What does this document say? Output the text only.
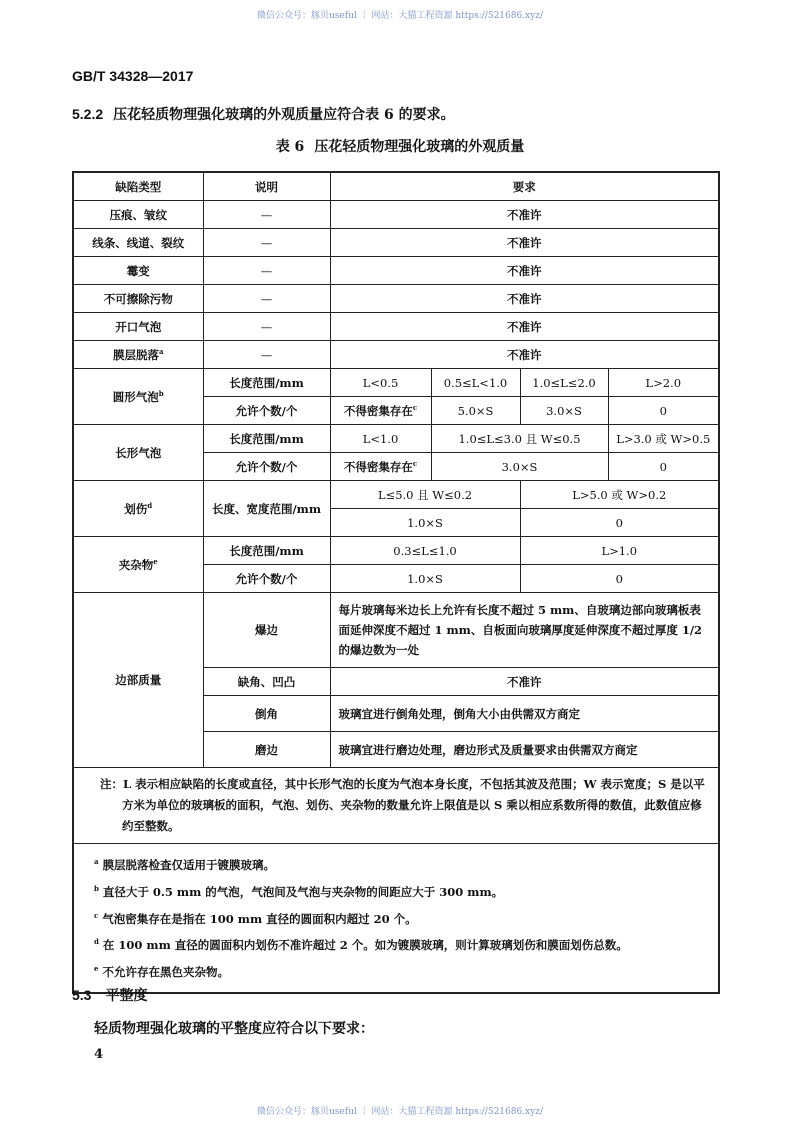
微信公众号：豚贝useful ｜ 网站：大猫工程资源 https://521686.xyz/
GB/T 34328—2017
5.2.2 压花轻质物理强化玻璃的外观质量应符合表 6 的要求。
表 6 压花轻质物理强化玻璃的外观质量
缺陷类型	说明	要求			
压痕、皱纹	—	不准许			
线条、线道、裂纹	—	不准许			
霉变	—	不准许			
不可擦除污物	—	不准许			
开口气泡	—	不准许			
膜层脱落$^a$	—	不准许			
圆形气泡$^b$	长度范围/mm	L<0.5	0.5≤L<1.0	1.0≤L≤2.0	L>2.0
	允许个数/个	不得密集存在$^c$	5.0×S	3.0×S	0
长形气泡	长度范围/mm	L<1.0	1.0≤L≤3.0 且 W≤0.5		L>3.0 或 W>0.5
	允许个数/个	不得密集存在$^c$	3.0×S		0
划伤$^d$	长度、宽度范围/mm	L≤5.0 且 W≤0.2		L>5.0 或 W>0.2	
		1.0×S		0	
夹杂物$^e$	长度范围/mm	0.3≤L≤1.0		L>1.0	
	允许个数/个	1.0×S		0	
边部质量	爆边	每片玻璃每米边长上允许有长度不超过 5 mm、自玻璃边部向玻璃板表面延伸深度不超过 1 mm、自板面向玻璃厚度延伸深度不超过厚度 1/2 的爆边数为一处			
	缺角、凹凸	不准许			
	倒角	玻璃宜进行倒角处理，倒角大小由供需双方商定			
	磨边	玻璃宜进行磨边处理，磨边形式及质量要求由供需双方商定			
注：L 表示相应缺陷的长度或直径，其中长形气泡的长度为气泡本身长度，不包括其波及范围；W 表示宽度；S 是以平方米为单位的玻璃板的面积，气泡、划伤、夹杂物的数量允许上限值是以 S 乘以相应系数所得的数值，此数值应修约至整数。					

$^a$ 膜层脱落检查仅适用于镀膜玻璃。
$^b$ 直径大于 0.5 mm 的气泡，气泡间及气泡与夹杂物的间距应大于 300 mm。
$^c$ 气泡密集存在是指在 100 mm 直径的圆面积内超过 20 个。
$^d$ 在 100 mm 直径的圆面积内划伤不准许超过 2 个。如为镀膜玻璃，则计算玻璃划伤和膜面划伤总数。
$^e$ 不允许存在黑色夹杂物。					
5.3 平整度
轻质物理强化玻璃的平整度应符合以下要求：
4
微信公众号：豚贝useful ｜ 网站：大猫工程资源 https://521686.xyz/
